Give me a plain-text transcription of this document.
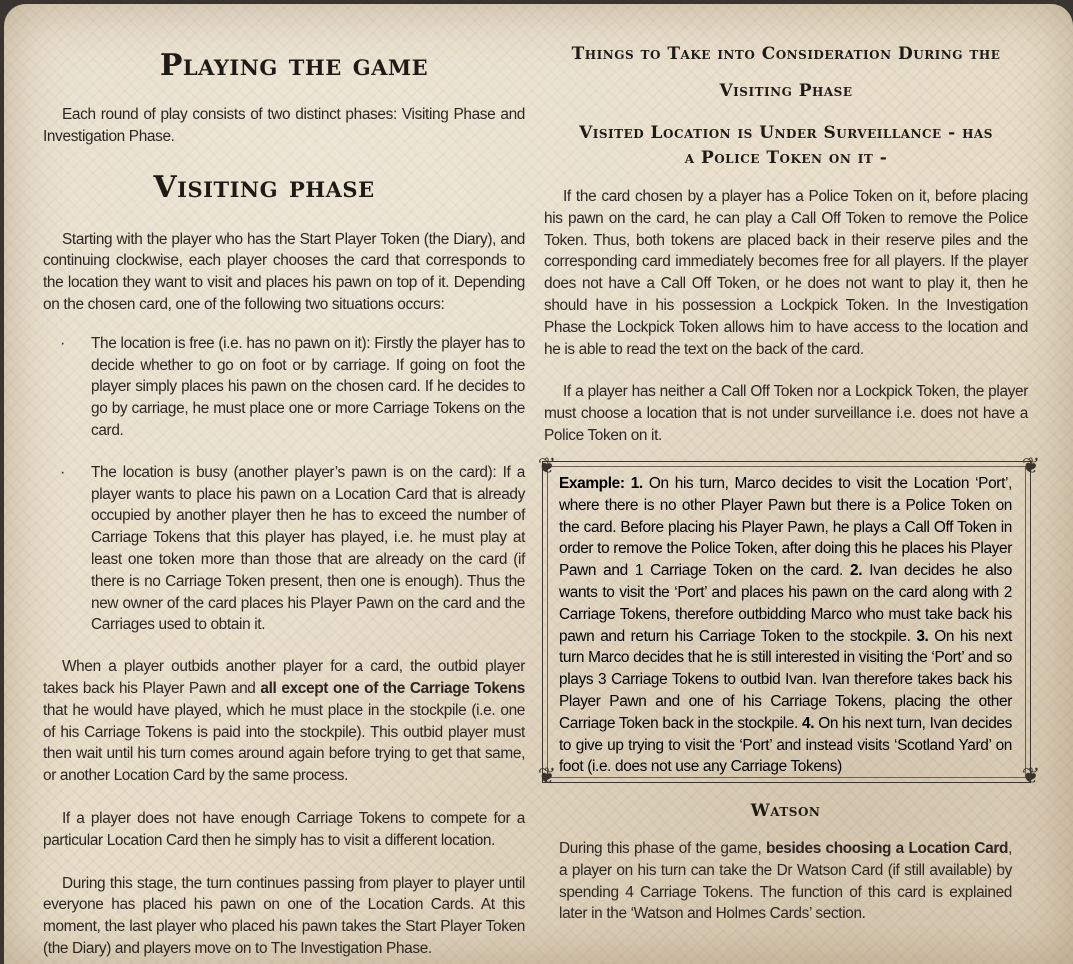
Playing the game

Each round of play consists of two distinct phases: Visiting Phase and Investigation Phase.

Visiting phase

Starting with the player who has the Start Player Token (the Diary), and continuing clockwise, each player chooses the card that corresponds to the location they want to visit and places his pawn on top of it. Depending on the chosen card, one of the following two situations occurs:

· The location is free (i.e. has no pawn on it): Firstly the player has to decide whether to go on foot or by carriage. If going on foot the player simply places his pawn on the chosen card. If he decides to go by carriage, he must place one or more Carriage Tokens on the card.

· The location is busy (another player’s pawn is on the card): If a player wants to place his pawn on a Location Card that is already occupied by another player then he has to exceed the number of Carriage Tokens that this player has played, i.e. he must play at least one token more than those that are already on the card (if there is no Carriage Token present, then one is enough). Thus the new owner of the card places his Player Pawn on the card and the Carriages used to obtain it.

When a player outbids another player for a card, the outbid player takes back his Player Pawn and all except one of the Carriage Tokens that he would have played, which he must place in the stockpile (i.e. one of his Carriage Tokens is paid into the stockpile). This outbid player must then wait until his turn comes around again before trying to get that same, or another Location Card by the same process.

If a player does not have enough Carriage Tokens to compete for a particular Location Card then he simply has to visit a different location.

During this stage, the turn continues passing from player to player until everyone has placed his pawn on one of the Location Cards. At this moment, the last player who placed his pawn takes the Start Player Token (the Diary) and players move on to The Investigation Phase.

Things to Take into Consideration During the Visiting Phase
Visited Location is Under Surveillance - has a Police Token on it -

If the card chosen by a player has a Police Token on it, before placing his pawn on the card, he can play a Call Off Token to remove the Police Token. Thus, both tokens are placed back in their reserve piles and the corresponding card immediately becomes free for all players. If the player does not have a Call Off Token, or he does not want to play it, then he should have in his possession a Lockpick Token. In the Investigation Phase the Lockpick Token allows him to have access to the location and he is able to read the text on the back of the card.

If a player has neither a Call Off Token nor a Lockpick Token, the player must choose a location that is not under surveillance i.e. does not have a Police Token on it.

❦	❦
❦	❦

Example: 1. On his turn, Marco decides to visit the Location ‘Port’, where there is no other Player Pawn but there is a Police Token on the card. Before placing his Player Pawn, he plays a Call Off Token in order to remove the Police Token, after doing this he places his Player Pawn and 1 Carriage Token on the card. 2. Ivan decides he also wants to visit the ‘Port’ and places his pawn on the card along with 2 Carriage Tokens, therefore outbidding Marco who must take back his pawn and return his Carriage Token to the stockpile. 3. On his next turn Marco decides that he is still interested in visiting the ‘Port’ and so plays 3 Carriage Tokens to outbid Ivan. Ivan therefore takes back his Player Pawn and one of his Carriage Tokens, placing the other Carriage Token back in the stockpile. 4. On his next turn, Ivan decides to give up trying to visit the ‘Port’ and instead visits ‘Scotland Yard’ on foot (i.e. does not use any Carriage Tokens)

Watson

During this phase of the game, besides choosing a Location Card, a player on his turn can take the Dr Watson Card (if still available) by spending 4 Carriage Tokens. The function of this card is explained later in the ‘Watson and Holmes Cards’ section.
